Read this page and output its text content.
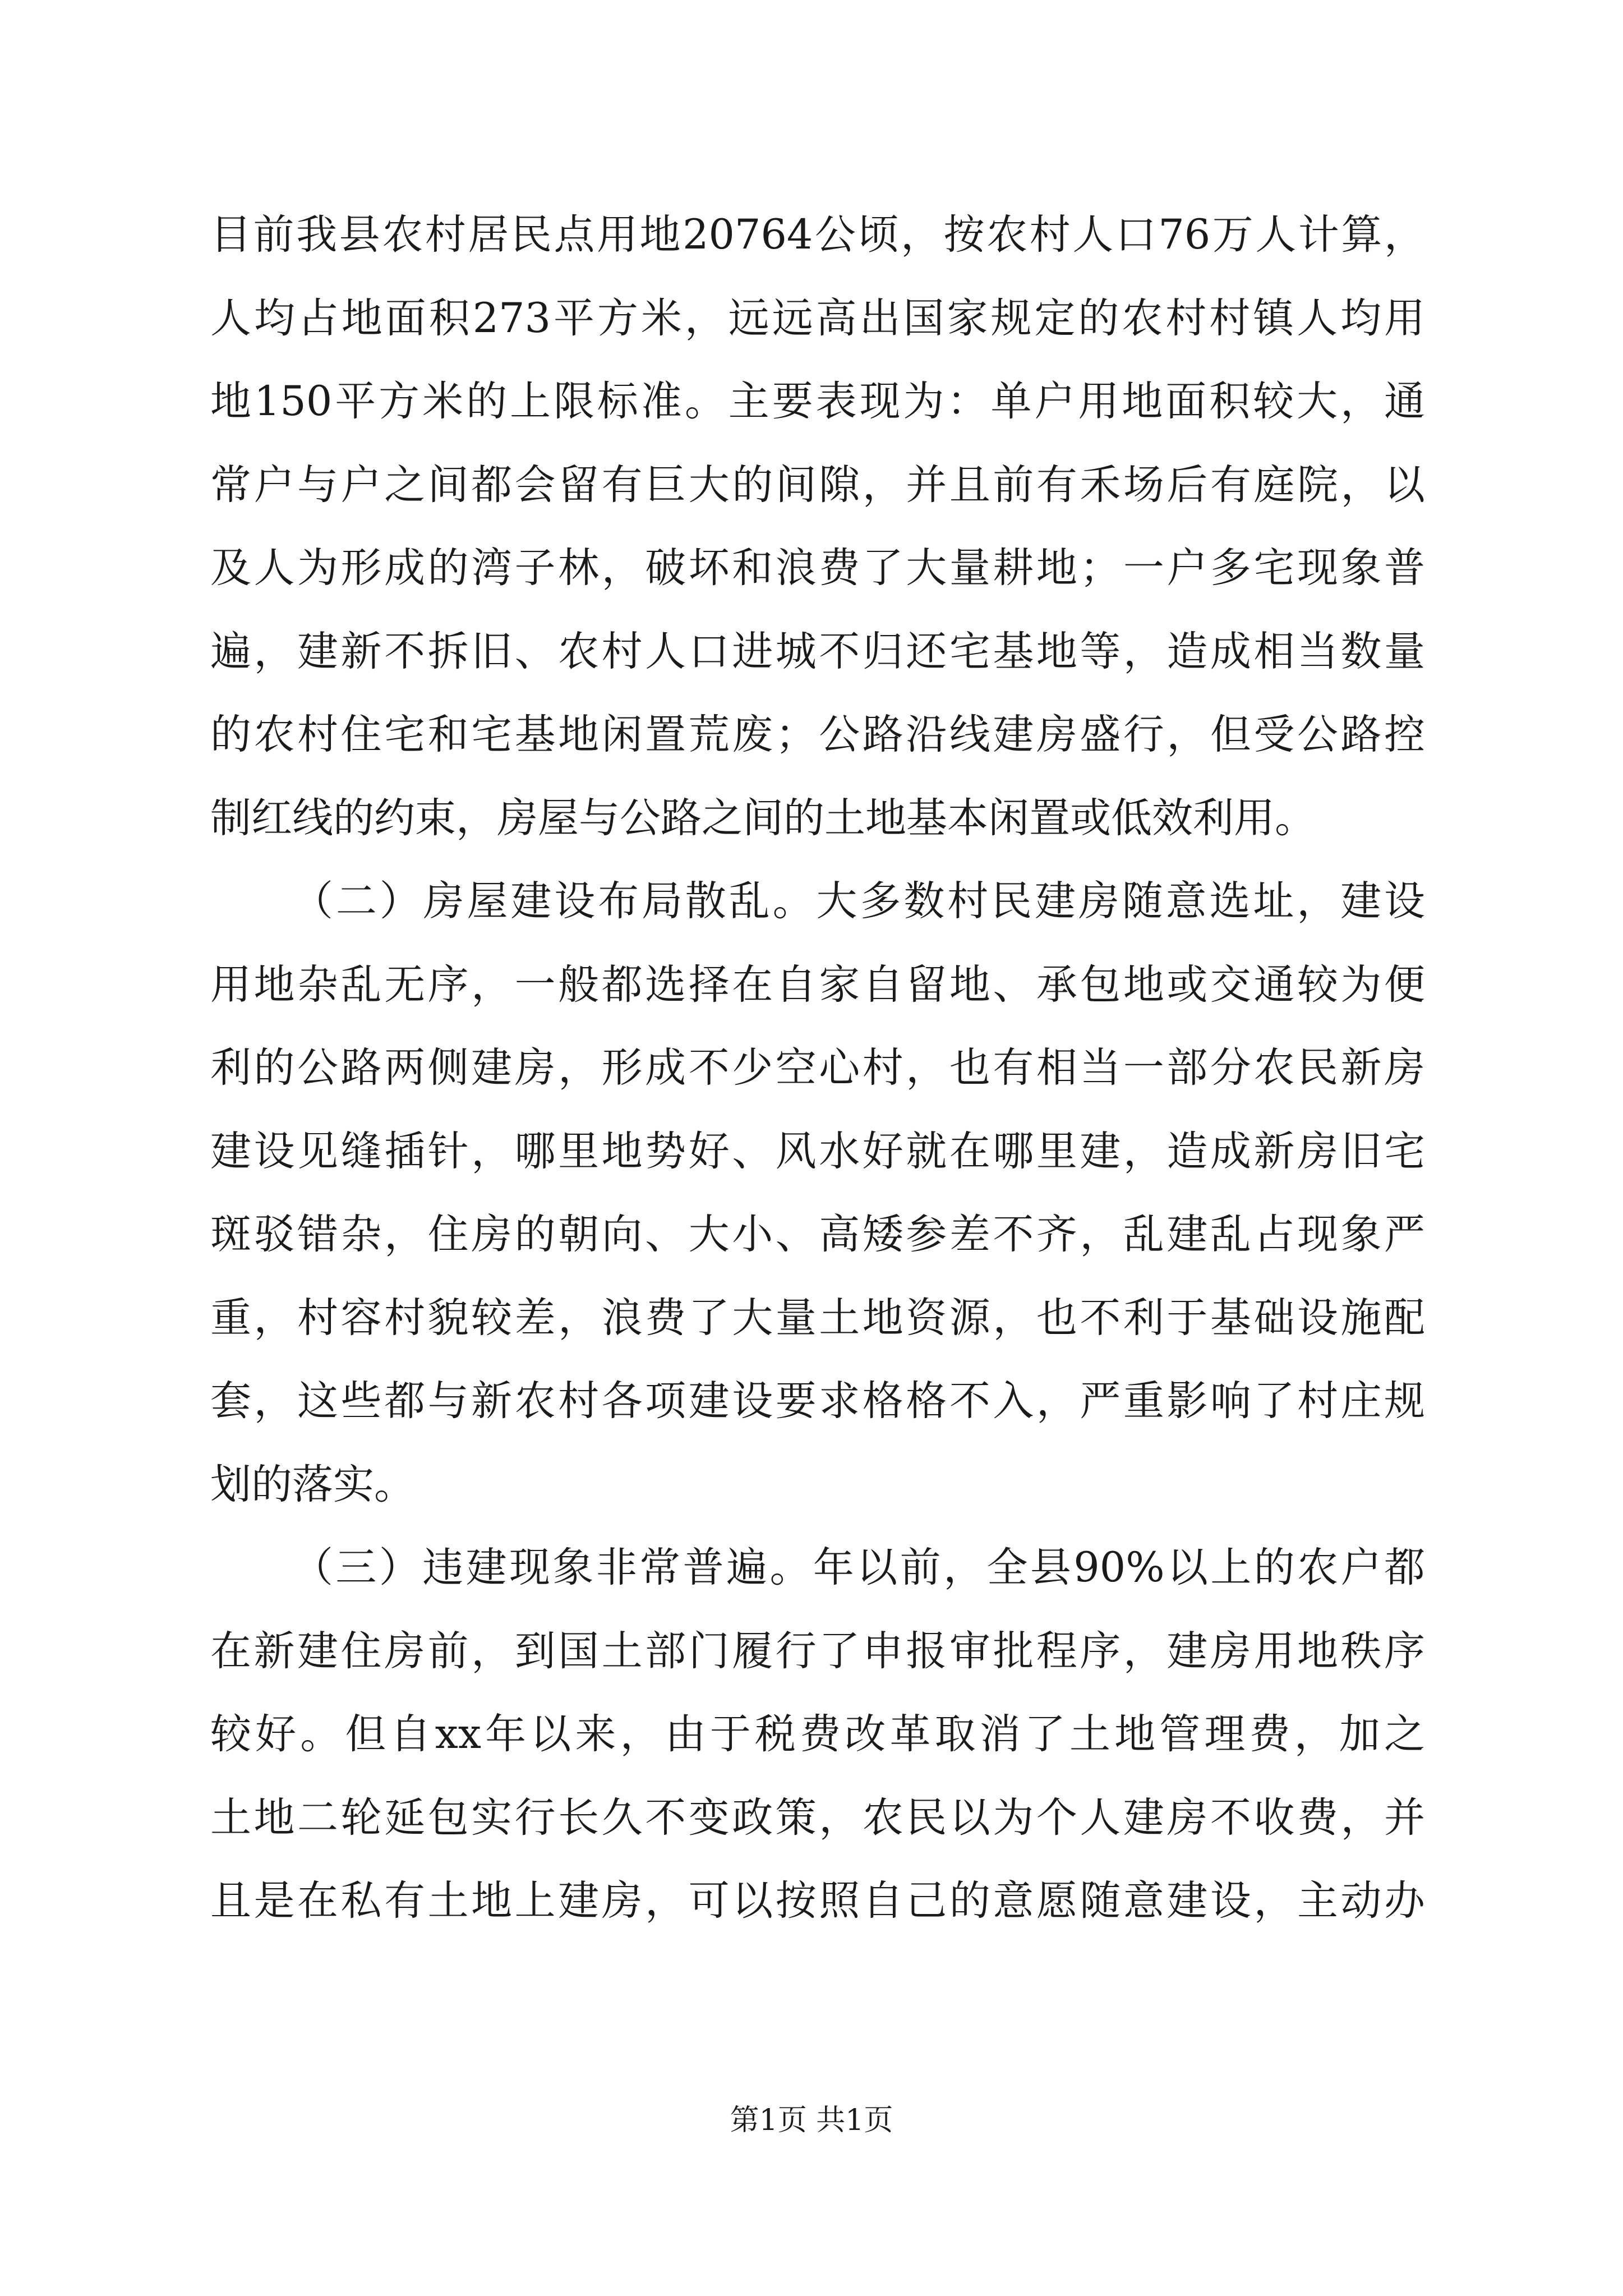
目前我县农村居民点用地20764公顷，按农村人口76万人计算，
人均占地面积273平方米，远远高出国家规定的农村村镇人均用
地150平方米的上限标准。主要表现为：单户用地面积较大，通
常户与户之间都会留有巨大的间隙，并且前有禾场后有庭院，以
及人为形成的湾子林，破坏和浪费了大量耕地；一户多宅现象普
遍，建新不拆旧、农村人口进城不归还宅基地等，造成相当数量
的农村住宅和宅基地闲置荒废；公路沿线建房盛行，但受公路控
制红线的约束，房屋与公路之间的土地基本闲置或低效利用。
（二）房屋建设布局散乱。大多数村民建房随意选址，建设
用地杂乱无序，一般都选择在自家自留地、承包地或交通较为便
利的公路两侧建房，形成不少空心村，也有相当一部分农民新房
建设见缝插针，哪里地势好、风水好就在哪里建，造成新房旧宅
斑驳错杂，住房的朝向、大小、高矮参差不齐，乱建乱占现象严
重，村容村貌较差，浪费了大量土地资源，也不利于基础设施配
套，这些都与新农村各项建设要求格格不入，严重影响了村庄规
划的落实。
（三）违建现象非常普遍。年以前，全县90%以上的农户都
在新建住房前，到国土部门履行了申报审批程序，建房用地秩序
较好。但自xx年以来，由于税费改革取消了土地管理费，加之
土地二轮延包实行长久不变政策，农民以为个人建房不收费，并
且是在私有土地上建房，可以按照自己的意愿随意建设，主动办
第1页 共1页
